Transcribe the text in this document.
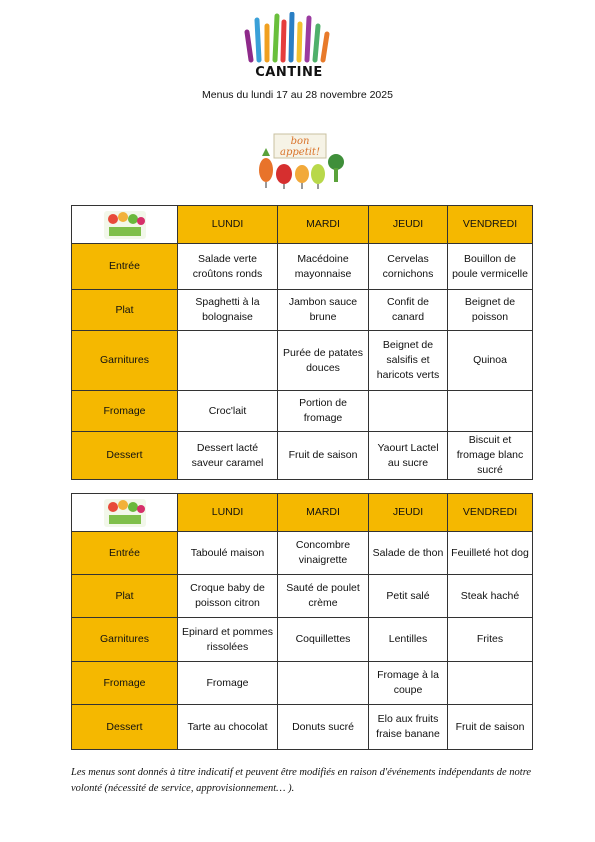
CANTINE
Menus du lundi 17 au 28 novembre 2025
bon
appetit!
	LUNDI	MARDI	JEUDI	VENDREDI
Entrée	Salade verte croûtons ronds	Macédoine mayonnaise	Cervelas cornichons	Bouillon de poule vermicelle
Plat	Spaghetti à la bolognaise	Jambon sauce brune	Confit de canard	Beignet de poisson
Garnitures		Purée de patates douces	Beignet de salsifis et haricots verts	Quinoa
Fromage	Croc'lait	Portion de fromage		
Dessert	Dessert lacté saveur caramel	Fruit de saison	Yaourt Lactel au sucre	Biscuit et fromage blanc sucré
	LUNDI	MARDI	JEUDI	VENDREDI
Entrée	Taboulé maison	Concombre vinaigrette	Salade de thon	Feuilleté hot dog
Plat	Croque baby de poisson citron	Sauté de poulet crème	Petit salé	Steak haché
Garnitures	Epinard et pommes rissolées	Coquillettes	Lentilles	Frites
Fromage	Fromage		Fromage à la coupe	
Dessert	Tarte au chocolat	Donuts sucré	Elo aux fruits fraise banane	Fruit de saison
Les menus sont donnés à titre indicatif et peuvent être modifiés en raison d'événements indépendants de notre volonté (nécessité de service, approvisionnement… ).
